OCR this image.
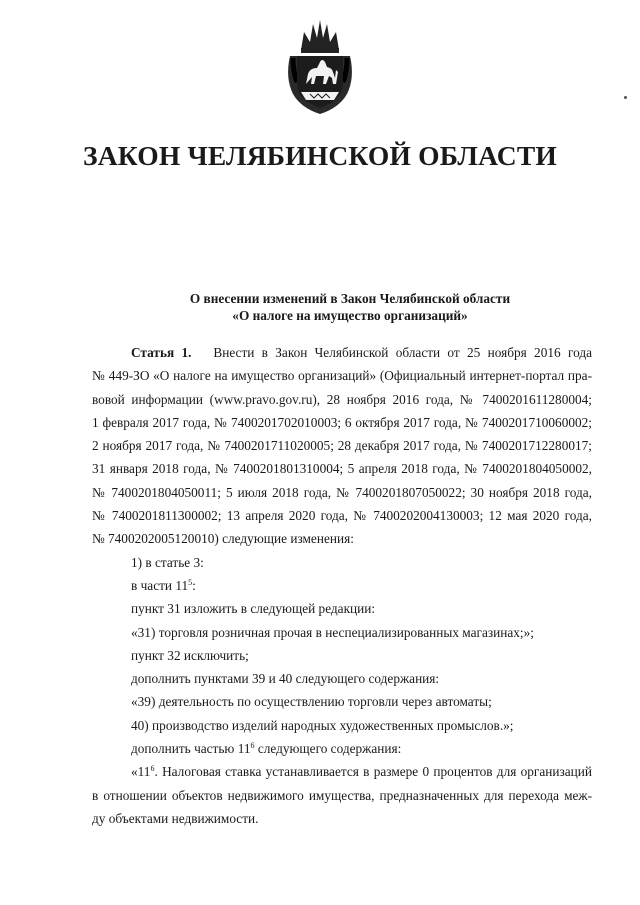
ЗАКОН ЧЕЛЯБИНСКОЙ ОБЛАСТИ
О внесении изменений в Закон Челябинской области
«О налоге на имущество организаций»
Статья 1. Внести в Закон Челябинской области от 25 ноября 2016 года
№ 449-ЗО «О налоге на имущество организаций» (Официальный интернет-портал пра-
вовой информации (www.pravo.gov.ru), 28 ноября 2016 года, № 7400201611280004;
1 февраля 2017 года, № 7400201702010003; 6 октября 2017 года, № 7400201710060002;
2 ноября 2017 года, № 7400201711020005; 28 декабря 2017 года, № 7400201712280017;
31 января 2018 года, № 7400201801310004; 5 апреля 2018 года, № 7400201804050002,
№ 7400201804050011; 5 июля 2018 года, № 7400201807050022; 30 ноября 2018 года,
№ 7400201811300002; 13 апреля 2020 года, № 7400202004130003; 12 мая 2020 года,
№ 7400202005120010) следующие изменения:
1) в статье 3:
в части $11^5$:
пункт 31 изложить в следующей редакции:
«31) торговля розничная прочая в неспециализированных магазинах;»;
пункт 32 исключить;
дополнить пунктами 39 и 40 следующего содержания:
«39) деятельность по осуществлению торговли через автоматы;
40) производство изделий народных художественных промыслов.»;
дополнить частью $11^6$ следующего содержания:
«$11^6$. Налоговая ставка устанавливается в размере 0 процентов для организаций
в отношении объектов недвижимого имущества, предназначенных для перехода меж-
ду объектами недвижимости.
